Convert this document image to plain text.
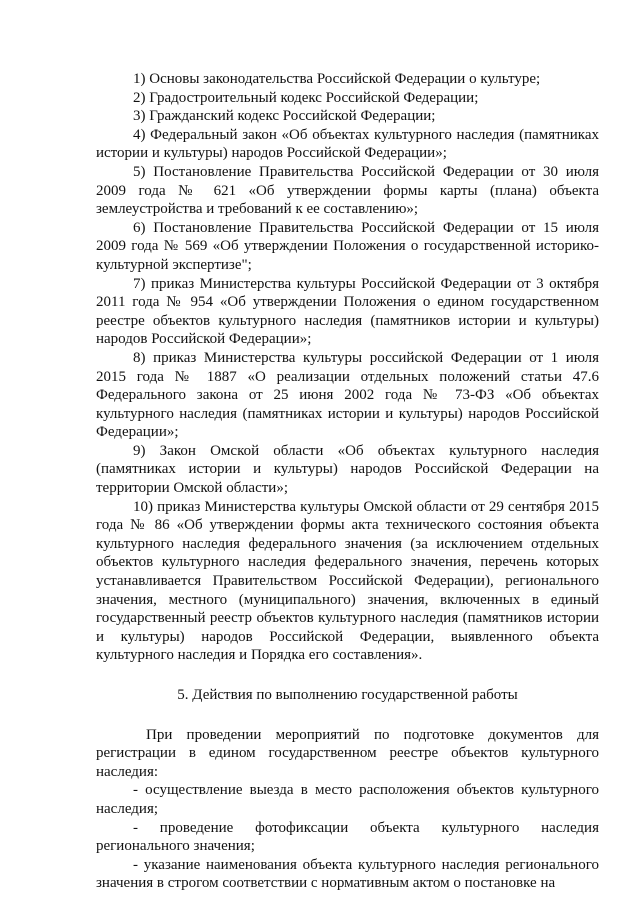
1) Основы законодательства Российской Федерации о культуре;

2) Градостроительный кодекс Российской Федерации;

3) Гражданский кодекс Российской Федерации;

4) Федеральный закон «Об объектах культурного наследия (памятниках истории и культуры) народов Российской Федерации»;

5) Постановление Правительства Российской Федерации от 30 июля 2009 года № 621 «Об утверждении формы карты (плана) объекта землеустройства и требований к ее составлению»;

6) Постановление Правительства Российской Федерации от 15 июля 2009 года № 569 «Об утверждении Положения о государственной историко-культурной экспертизе";

7) приказ Министерства культуры Российской Федерации от 3 октября 2011 года № 954 «Об утверждении Положения о едином государственном реестре объектов культурного наследия (памятников истории и культуры) народов Российской Федерации»;

8) приказ Министерства культуры российской Федерации от 1 июля 2015 года № 1887 «О реализации отдельных положений статьи 47.6 Федерального закона от 25 июня 2002 года № 73-ФЗ «Об объектах культурного наследия (памятниках истории и культуры) народов Российской Федерации»;

9) Закон Омской области «Об объектах культурного наследия (памятниках истории и культуры) народов Российской Федерации на территории Омской области»;

10) приказ Министерства культуры Омской области от 29 сентября 2015 года № 86 «Об утверждении формы акта технического состояния объекта культурного наследия федерального значения (за исключением отдельных объектов культурного наследия федерального значения, перечень которых устанавливается Правительством Российской Федерации), регионального значения, местного (муниципального) значения, включенных в единый государственный реестр объектов культурного наследия (памятников истории и культуры) народов Российской Федерации, выявленного объекта культурного наследия и Порядка его составления».

5. Действия по выполнению государственной работы

При проведении мероприятий по подготовке документов для регистрации в едином государственном реестре объектов культурного наследия:

- осуществление выезда в место расположения объектов культурного наследия;

- проведение фотофиксации объекта культурного наследия регионального значения;

- указание наименования объекта культурного наследия регионального значения в строгом соответствии с нормативным актом о постановке на
